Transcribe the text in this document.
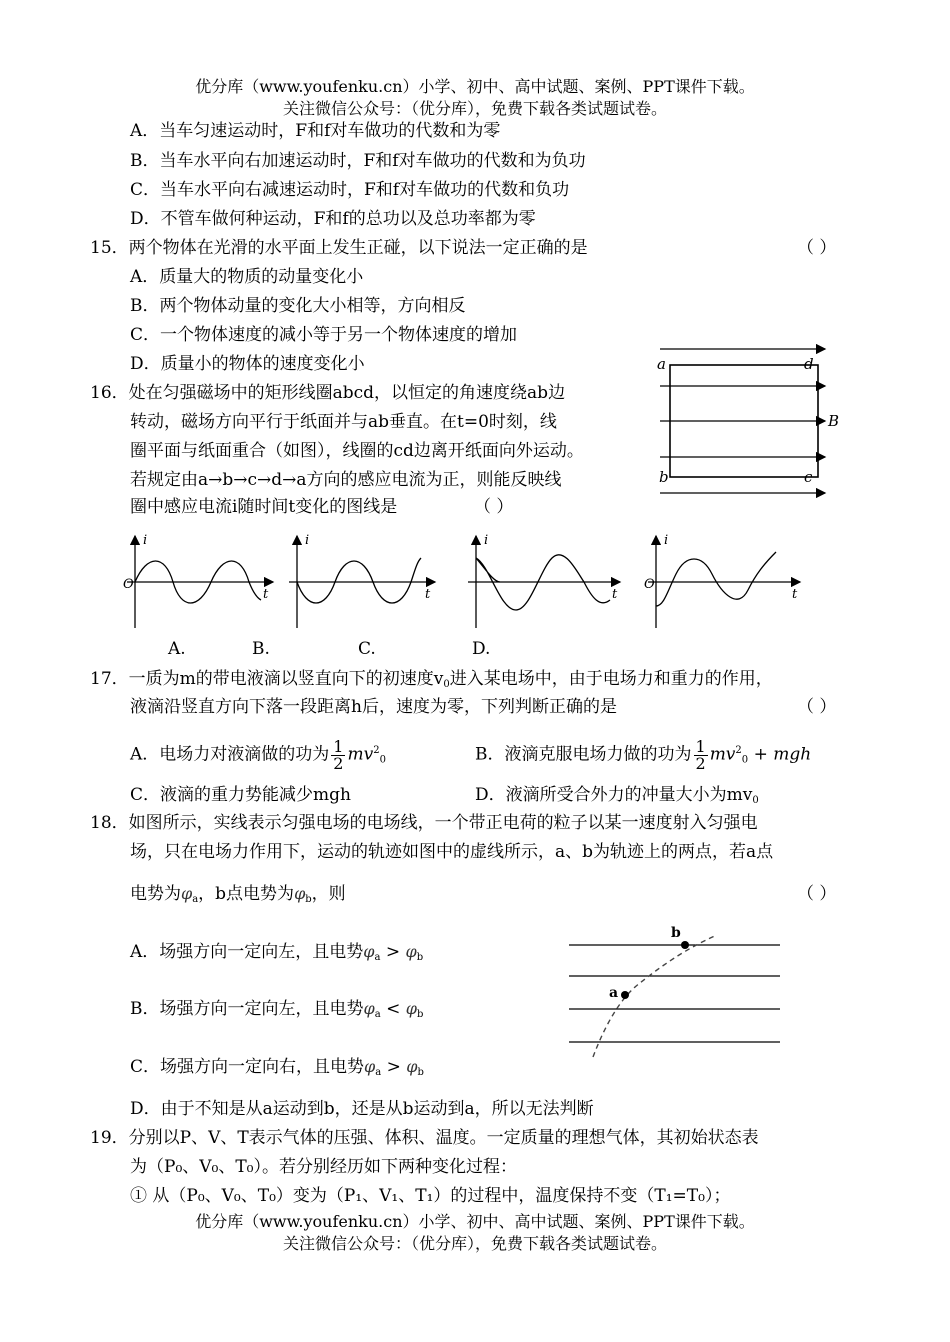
优分库（www.youfenku.cn）小学、初中、高中试题、案例、PPT课件下载。
关注微信公众号：（优分库），免费下载各类试题试卷。
A．当车匀速运动时，F和f对车做功的代数和为零
B．当车水平向右加速运动时，F和f对车做功的代数和为负功
C．当车水平向右减速运动时，F和f对车做功的代数和负功
D．不管车做何种运动，F和f的总功以及总功率都为零
15．两个物体在光滑的水平面上发生正碰，以下说法一定正确的是	（ ）
A．质量大的物质的动量变化小
B．两个物体动量的变化大小相等，方向相反
C．一个物体速度的减小等于另一个物体速度的增加
D．质量小的物体的速度变化小
16．处在匀强磁场中的矩形线圈abcd，以恒定的角速度绕ab边
转动，磁场方向平行于纸面并与ab垂直。在t=0时刻，线
圈平面与纸面重合（如图），线圈的cd边离开纸面向外运动。
若规定由a→b→c→d→a方向的感应电流为正，则能反映线
圈中感应电流i随时间t变化的图线是	（ ）
a	d
b	c
B
i
O
t
i
t
i
t
i
O
t
A.	B.	C.	D.
17．一质为m的带电液滴以竖直向下的初速度$v_0$进入某电场中，由于电场力和重力的作用，
液滴沿竖直方向下落一段距离h后，速度为零，下列判断正确的是	（ ）
A．电场力对液滴做的功为 $\frac{1}{2} mv^2_0$	B．液滴克服电场力做的功为 $\frac{1}{2} mv^2_0$ + mgh
C．液滴的重力势能减少mgh	D．液滴所受合外力的冲量大小为$mv_0$
18．如图所示，实线表示匀强电场的电场线，一个带正电荷的粒子以某一速度射入匀强电
场，只在电场力作用下，运动的轨迹如图中的虚线所示，a、b为轨迹上的两点，若a点
电势为$\varphi_a$，b点电势为$\varphi_b$，则	（ ）
A．场强方向一定向左，且电势$\varphi_a > \varphi_b$
B．场强方向一定向左，且电势$\varphi_a < \varphi_b$
C．场强方向一定向右，且电势$\varphi_a > \varphi_b$
D．由于不知是从a运动到b，还是从b运动到a，所以无法判断
a
b
19．分别以P、V、T表示气体的压强、体积、温度。一定质量的理想气体，其初始状态表
为（P₀、V₀、T₀）。若分别经历如下两种变化过程：
① 从（P₀、V₀、T₀）变为（P₁、V₁、T₁）的过程中，温度保持不变（T₁=T₀）；
优分库（www.youfenku.cn）小学、初中、高中试题、案例、PPT课件下载。
关注微信公众号：（优分库），免费下载各类试题试卷。
